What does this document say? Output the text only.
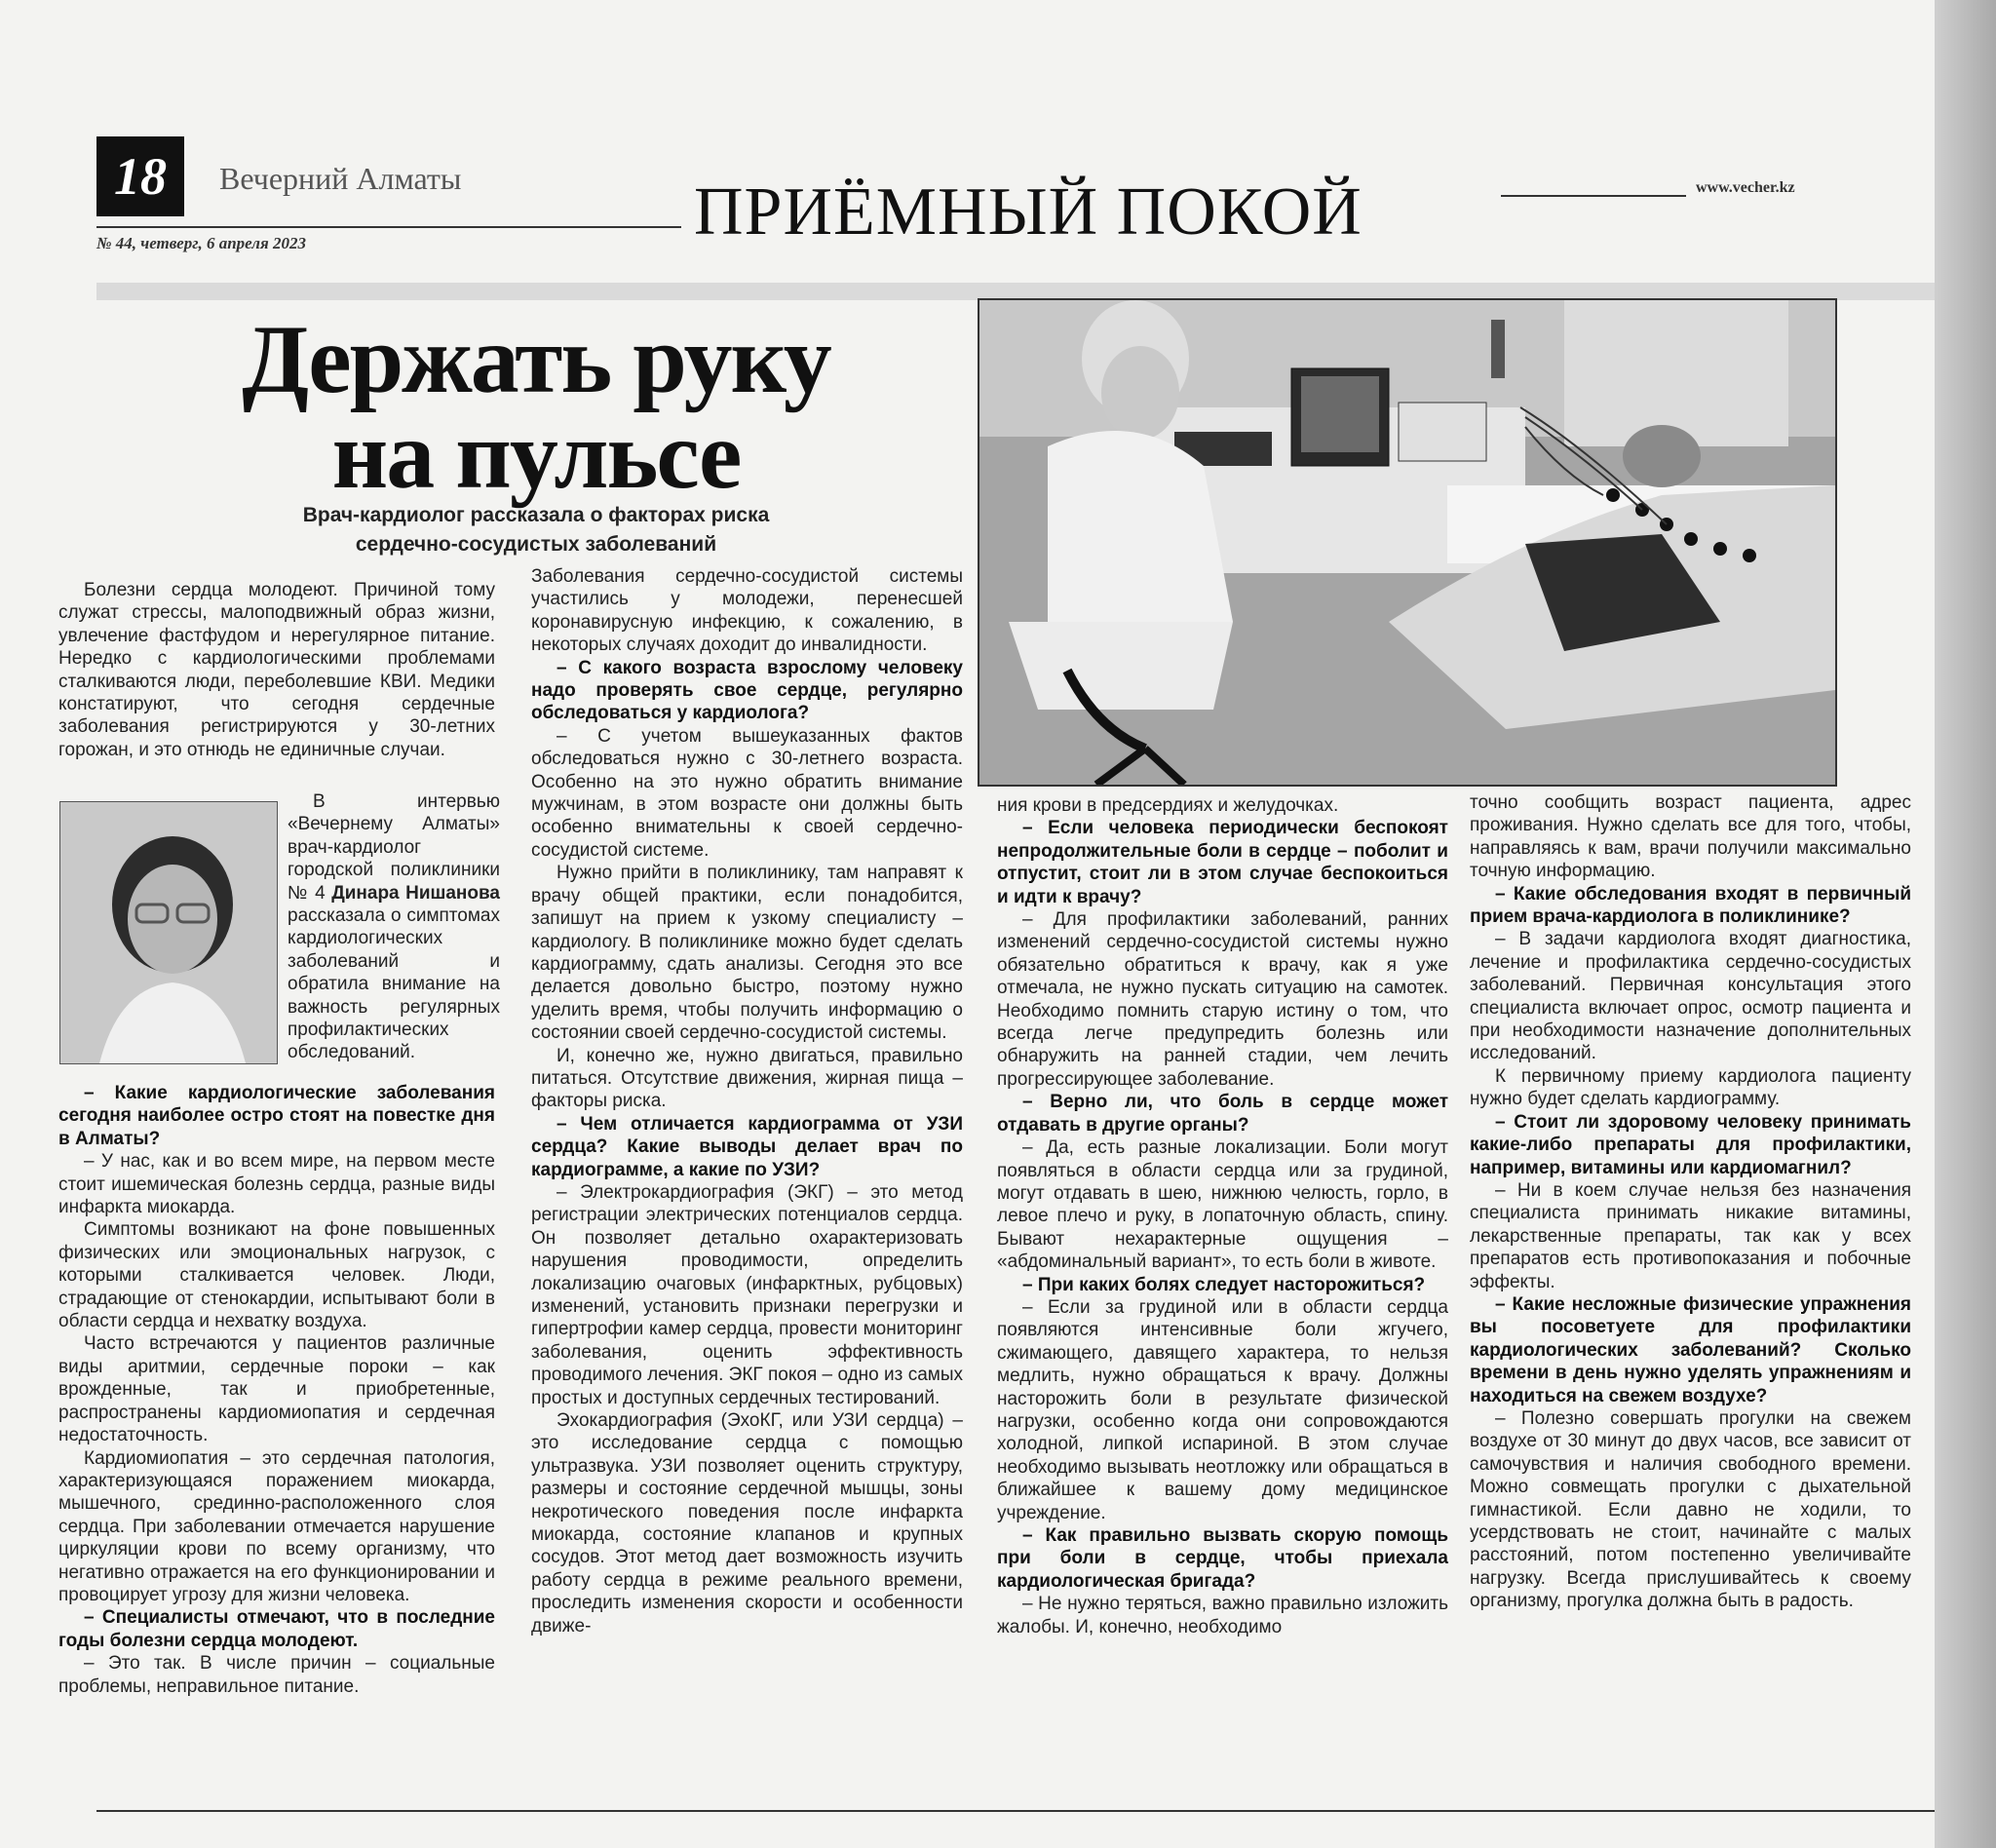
18	Вечерний Алматы
№ 44, четверг, 6 апреля 2023	ПРИЁМНЫЙ ПОКОЙ	www.vecher.kz
Держать руку
на пульсе
Врач-кардиолог рассказала о факторах риска
сердечно-сосудистых заболеваний

Болезни сердца молодеют. Причиной тому служат стрессы, малоподвижный образ жизни, увлечение фастфудом и нерегулярное питание. Нередко с кардиологическими проблемами сталкиваются люди, переболевшие КВИ. Медики констатируют, что сегодня сердечные заболевания регистрируются у 30-летних горожан, и это отнюдь не единичные случаи.

В интервью «Вечернему Алматы» врач-кардиолог городской поликлиники № 4 Динара Нишанова рассказала о симптомах кардиологических заболеваний и обратила внимание на важность регулярных профилактических обследований.

– Какие кардиологические заболевания сегодня наиболее остро стоят на повестке дня в Алматы?

– У нас, как и во всем мире, на первом месте стоит ишемическая болезнь сердца, разные виды инфаркта миокарда.

Симптомы возникают на фоне повышенных физических или эмоциональных нагрузок, с которыми сталкивается человек. Люди, страдающие от стенокардии, испытывают боли в области сердца и нехватку воздуха.

Часто встречаются у пациентов различные виды аритмии, сердечные пороки – как врожденные, так и приобретенные, распространены кардиомиопатия и сердечная недостаточность.

Кардиомиопатия – это сердечная патология, характеризующаяся поражением миокарда, мышечного, срединно-расположенного слоя сердца. При заболевании отмечается нарушение циркуляции крови по всему организму, что негативно отражается на его функционировании и провоцирует угрозу для жизни человека.

– Специалисты отмечают, что в последние годы болезни сердца молодеют.

– Это так. В числе причин – социальные проблемы, неправильное питание.

Заболевания сердечно-сосудистой системы участились у молодежи, перенесшей коронавирусную инфекцию, к сожалению, в некоторых случаях доходит до инвалидности.

– С какого возраста взрослому человеку надо проверять свое сердце, регулярно обследоваться у кардиолога?

– С учетом вышеуказанных фактов обследоваться нужно с 30-летнего возраста. Особенно на это нужно обратить внимание мужчинам, в этом возрасте они должны быть особенно внимательны к своей сердечно-сосудистой системе.

Нужно прийти в поликлинику, там направят к врачу общей практики, если понадобится, запишут на прием к узкому специалисту – кардиологу. В поликлинике можно будет сделать кардиограмму, сдать анализы. Сегодня это все делается довольно быстро, поэтому нужно уделить время, чтобы получить информацию о состоянии своей сердечно-сосудистой системы.

И, конечно же, нужно двигаться, правильно питаться. Отсутствие движения, жирная пища – факторы риска.

– Чем отличается кардиограмма от УЗИ сердца? Какие выводы делает врач по кардиограмме, а какие по УЗИ?

– Электрокардиография (ЭКГ) – это метод регистрации электрических потенциалов сердца. Он позволяет детально охарактеризовать нарушения проводимости, определить локализацию очаговых (инфарктных, рубцовых) изменений, установить признаки перегрузки и гипертрофии камер сердца, провести мониторинг заболевания, оценить эффективность проводимого лечения. ЭКГ покоя – одно из самых простых и доступных сердечных тестирований.

Эхокардиография (ЭхоКГ, или УЗИ сердца) – это исследование сердца с помощью ультразвука. УЗИ позволяет оценить структуру, размеры и состояние сердечной мышцы, зоны некротического поведения после инфаркта миокарда, состояние клапанов и крупных сосудов. Этот метод дает возможность изучить работу сердца в режиме реального времени, проследить изменения скорости и особенности движе-

ния крови в предсердиях и желудочках.

– Если человека периодически беспокоят непродолжительные боли в сердце – поболит и отпустит, стоит ли в этом случае беспокоиться и идти к врачу?

– Для профилактики заболеваний, ранних изменений сердечно-сосудистой системы нужно обязательно обратиться к врачу, как я уже отмечала, не нужно пускать ситуацию на самотек. Необходимо помнить старую истину о том, что всегда легче предупредить болезнь или обнаружить на ранней стадии, чем лечить прогрессирующее заболевание.

– Верно ли, что боль в сердце может отдавать в другие органы?

– Да, есть разные локализации. Боли могут появляться в области сердца или за грудиной, могут отдавать в шею, нижнюю челюсть, горло, в левое плечо и руку, в лопаточную область, спину. Бывают нехарактерные ощущения – «абдоминальный вариант», то есть боли в животе.

– При каких болях следует насторожиться?

– Если за грудиной или в области сердца появляются интенсивные боли жгучего, сжимающего, давящего характера, то нельзя медлить, нужно обращаться к врачу. Должны насторожить боли в результате физической нагрузки, особенно когда они сопровождаются холодной, липкой испариной. В этом случае необходимо вызывать неотложку или обращаться в ближайшее к вашему дому медицинское учреждение.

– Как правильно вызвать скорую помощь при боли в сердце, чтобы приехала кардиологическая бригада?

– Не нужно теряться, важно правильно изложить жалобы. И, конечно, необходимо

точно сообщить возраст пациента, адрес проживания. Нужно сделать все для того, чтобы, направляясь к вам, врачи получили максимально точную информацию.

– Какие обследования входят в первичный прием врача-кардиолога в поликлинике?

– В задачи кардиолога входят диагностика, лечение и профилактика сердечно-сосудистых заболеваний. Первичная консультация этого специалиста включает опрос, осмотр пациента и при необходимости назначение дополнительных исследований.

К первичному приему кардиолога пациенту нужно будет сделать кардиограмму.

– Стоит ли здоровому человеку принимать какие-либо препараты для профилактики, например, витамины или кардиомагнил?

– Ни в коем случае нельзя без назначения специалиста принимать никакие витамины, лекарственные препараты, так как у всех препаратов есть противопоказания и побочные эффекты.

– Какие несложные физические упражнения вы посоветуете для профилактики кардиологических заболеваний? Сколько времени в день нужно уделять упражнениям и находиться на свежем воздухе?

– Полезно совершать прогулки на свежем воздухе от 30 минут до двух часов, все зависит от самочувствия и наличия свободного времени. Можно совмещать прогулки с дыхательной гимнастикой. Если давно не ходили, то усердствовать не стоит, начинайте с малых расстояний, потом постепенно увеличивайте нагрузку. Всегда прислушивайтесь к своему организму, прогулка должна быть в радость.
